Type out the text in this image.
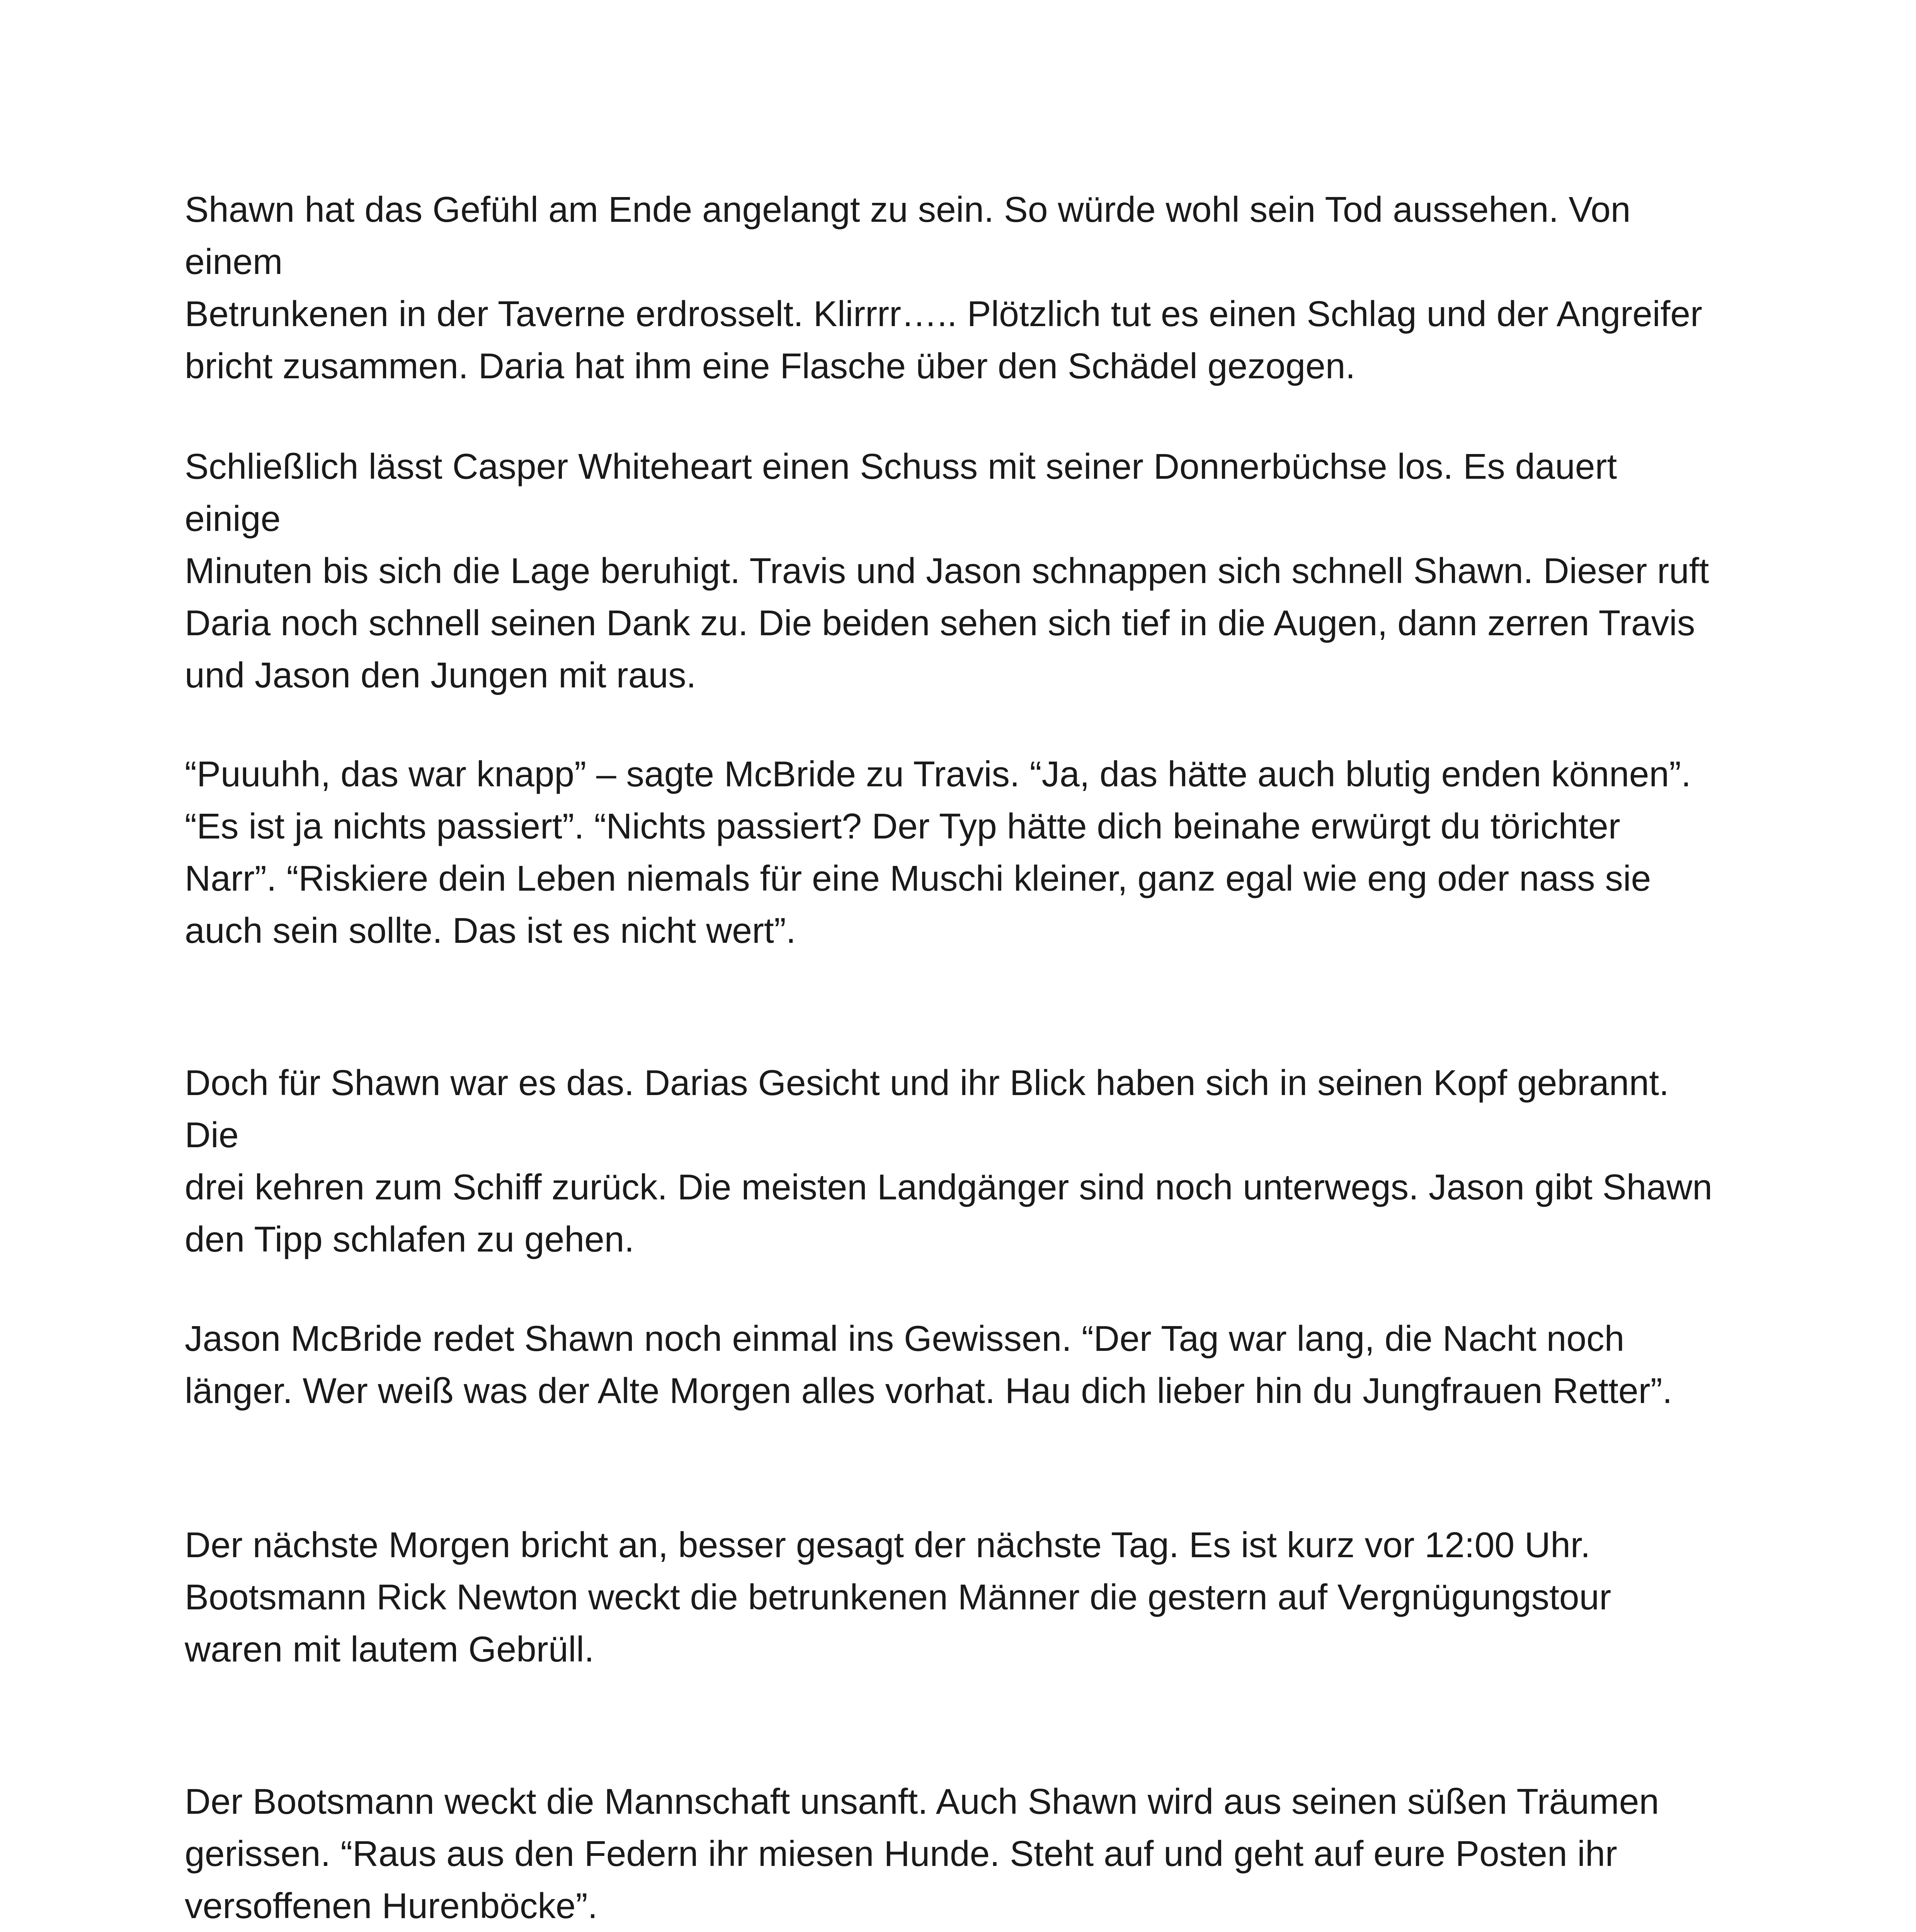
Shawn hat das Gefühl am Ende angelangt zu sein. So würde wohl sein Tod aussehen. Von einem
Betrunkenen in der Taverne erdrosselt. Klirrrr….. Plötzlich tut es einen Schlag und der Angreifer
bricht zusammen. Daria hat ihm eine Flasche über den Schädel gezogen.

Schließlich lässt Casper Whiteheart einen Schuss mit seiner Donnerbüchse los. Es dauert einige
Minuten bis sich die Lage beruhigt. Travis und Jason schnappen sich schnell Shawn. Dieser ruft
Daria noch schnell seinen Dank zu. Die beiden sehen sich tief in die Augen, dann zerren Travis
und Jason den Jungen mit raus.

“Puuuhh, das war knapp” – sagte McBride zu Travis. “Ja, das hätte auch blutig enden können”.
“Es ist ja nichts passiert”. “Nichts passiert? Der Typ hätte dich beinahe erwürgt du törichter
Narr”. “Riskiere dein Leben niemals für eine Muschi kleiner, ganz egal wie eng oder nass sie
auch sein sollte. Das ist es nicht wert”.

Doch für Shawn war es das. Darias Gesicht und ihr Blick haben sich in seinen Kopf gebrannt. Die
drei kehren zum Schiff zurück. Die meisten Landgänger sind noch unterwegs. Jason gibt Shawn
den Tipp schlafen zu gehen.

Jason McBride redet Shawn noch einmal ins Gewissen. “Der Tag war lang, die Nacht noch
länger. Wer weiß was der Alte Morgen alles vorhat. Hau dich lieber hin du Jungfrauen Retter”.

Der nächste Morgen bricht an, besser gesagt der nächste Tag. Es ist kurz vor 12:00 Uhr.
Bootsmann Rick Newton weckt die betrunkenen Männer die gestern auf Vergnügungstour
waren mit lautem Gebrüll.

Der Bootsmann weckt die Mannschaft unsanft. Auch Shawn wird aus seinen süßen Träumen
gerissen. “Raus aus den Federn ihr miesen Hunde. Steht auf und geht auf eure Posten ihr
versoffenen Hurenböcke”.
